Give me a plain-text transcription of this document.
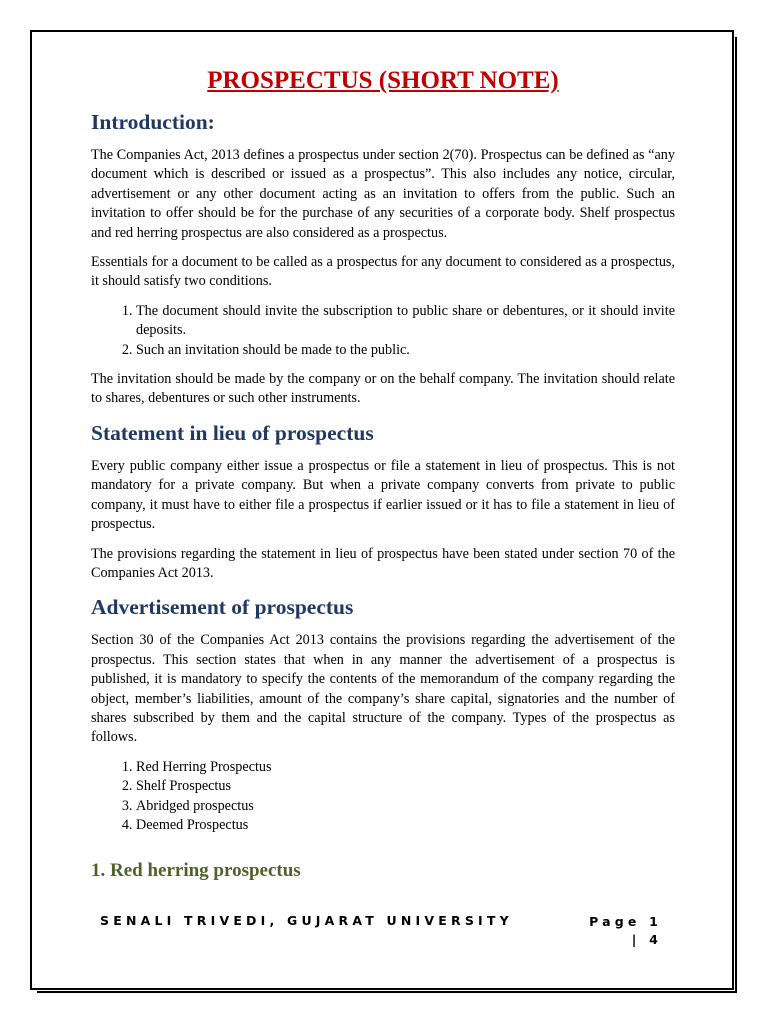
PROSPECTUS (SHORT NOTE)
Introduction:

The Companies Act, 2013 defines a prospectus under section 2(70). Prospectus can be defined as “any document which is described or issued as a prospectus”. This also includes any notice, circular, advertisement or any other document acting as an invitation to offers from the public. Such an invitation to offer should be for the purchase of any securities of a corporate body. Shelf prospectus and red herring prospectus are also considered as a prospectus.

Essentials for a document to be called as a prospectus for any document to considered as a prospectus, it should satisfy two conditions.

1. The document should invite the subscription to public share or debentures, or it should invite deposits.
2. Such an invitation should be made to the public.

The invitation should be made by the company or on the behalf company. The invitation should relate to shares, debentures or such other instruments.

Statement in lieu of prospectus

Every public company either issue a prospectus or file a statement in lieu of prospectus. This is not mandatory for a private company. But when a private company converts from private to public company, it must have to either file a prospectus if earlier issued or it has to file a statement in lieu of prospectus.

The provisions regarding the statement in lieu of prospectus have been stated under section 70 of the Companies Act 2013.

Advertisement of prospectus

Section 30 of the Companies Act 2013 contains the provisions regarding the advertisement of the prospectus. This section states that when in any manner the advertisement of a prospectus is published, it is mandatory to specify the contents of the memorandum of the company regarding the object, member’s liabilities, amount of the company’s share capital, signatories and the number of shares subscribed by them and the capital structure of the company. Types of the prospectus as follows.

1. Red Herring Prospectus
2. Shelf Prospectus
3. Abridged prospectus
4. Deemed Prospectus
1. Red herring prospectus
SENALI TRIVEDI, GUJARAT UNIVERSITY	Page 1
| 4
